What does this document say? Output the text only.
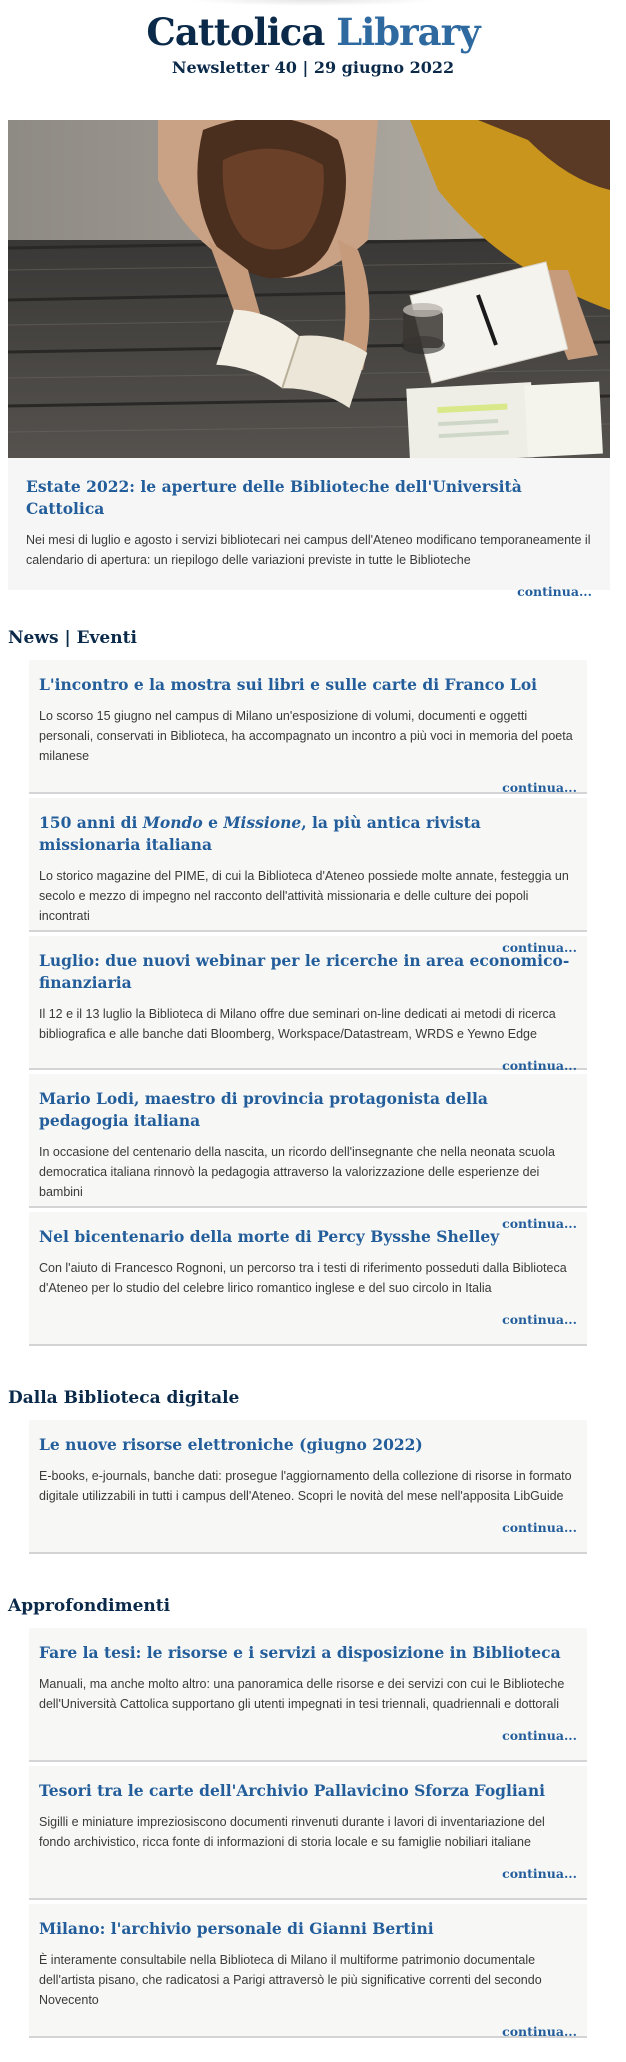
Cattolica Library
Newsletter 40 | 29 giugno 2022
Estate 2022: le aperture delle Biblioteche dell'Università Cattolica
Nei mesi di luglio e agosto i servizi bibliotecari nei campus dell'Ateneo modificano temporaneamente il calendario di apertura: un riepilogo delle variazioni previste in tutte le Biblioteche
continua...
News | Eventi
L'incontro e la mostra sui libri e sulle carte di Franco Loi
Lo scorso 15 giugno nel campus di Milano un'esposizione di volumi, documenti e oggetti personali, conservati in Biblioteca, ha accompagnato un incontro a più voci in memoria del poeta milanese
continua...
150 anni di Mondo e Missione, la più antica rivista missionaria italiana
Lo storico magazine del PIME, di cui la Biblioteca d'Ateneo possiede molte annate, festeggia un secolo e mezzo di impegno nel racconto dell'attività missionaria e delle culture dei popoli incontrati
continua...
Luglio: due nuovi webinar per le ricerche in area economico-finanziaria
Il 12 e il 13 luglio la Biblioteca di Milano offre due seminari on-line dedicati ai metodi di ricerca bibliografica e alle banche dati Bloomberg, Workspace/Datastream, WRDS e Yewno Edge
continua...
Mario Lodi, maestro di provincia protagonista della pedagogia italiana
In occasione del centenario della nascita, un ricordo dell'insegnante che nella neonata scuola democratica italiana rinnovò la pedagogia attraverso la valorizzazione delle esperienze dei bambini
continua...
Nel bicentenario della morte di Percy Bysshe Shelley
Con l'aiuto di Francesco Rognoni, un percorso tra i testi di riferimento posseduti dalla Biblioteca d'Ateneo per lo studio del celebre lirico romantico inglese e del suo circolo in Italia
continua...
Dalla Biblioteca digitale
Le nuove risorse elettroniche (giugno 2022)
E-books, e-journals, banche dati: prosegue l'aggiornamento della collezione di risorse in formato digitale utilizzabili in tutti i campus dell'Ateneo. Scopri le novità del mese nell'apposita LibGuide
continua...
Approfondimenti
Fare la tesi: le risorse e i servizi a disposizione in Biblioteca
Manuali, ma anche molto altro: una panoramica delle risorse e dei servizi con cui le Biblioteche dell'Università Cattolica supportano gli utenti impegnati in tesi triennali, quadriennali e dottorali
continua...
Tesori tra le carte dell'Archivio Pallavicino Sforza Fogliani
Sigilli e miniature impreziosiscono documenti rinvenuti durante i lavori di inventariazione del fondo archivistico, ricca fonte di informazioni di storia locale e su famiglie nobiliari italiane
continua...
Milano: l'archivio personale di Gianni Bertini
È interamente consultabile nella Biblioteca di Milano il multiforme patrimonio documentale dell'artista pisano, che radicatosi a Parigi attraversò le più significative correnti del secondo Novecento
continua...
